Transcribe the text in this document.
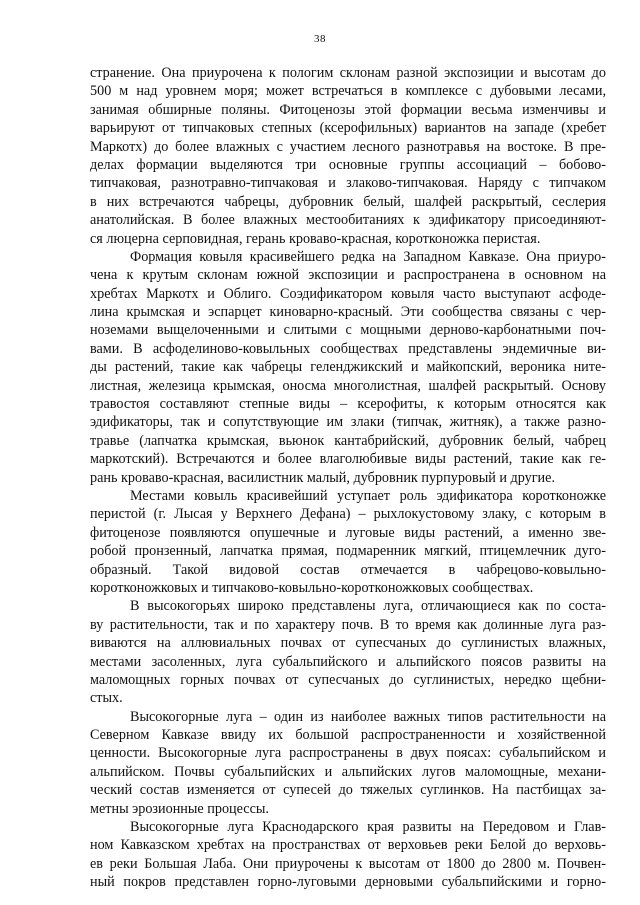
38

странение. Она приурочена к пологим склонам разной экспозиции и высотам до
500 м над уровнем моря; может встречаться в комплексе с дубовыми лесами,
занимая обширные поляны. Фитоценозы этой формации весьма изменчивы и
варьируют от типчаковых степных (ксерофильных) вариантов на западе (хребет
Маркотх) до более влажных с участием лесного разнотравья на востоке. В пре-
делах формации выделяются три основные группы ассоциаций – бобово-
типчаковая, разнотравно-типчаковая и злаково-типчаковая. Наряду с типчаком
в них встречаются чабрецы, дубровник белый, шалфей раскрытый, сеслерия
анатолийская. В более влажных местообитаниях к эдификатору присоединяют-
ся люцерна серповидная, герань кроваво-красная, коротконожка перистая.

Формация ковыля красивейшего редка на Западном Кавказе. Она приуро-
чена к крутым склонам южной экспозиции и распространена в основном на
хребтах Маркотх и Облиго. Соэдификатором ковыля часто выступают асфоде-
лина крымская и эспарцет киноварно-красный. Эти сообщества связаны с чер-
ноземами выщелоченными и слитыми с мощными дерново-карбонатными поч-
вами. В асфоделиново-ковыльных сообществах представлены эндемичные ви-
ды растений, такие как чабрецы геленджикский и майкопский, вероника ните-
листная, железица крымская, оносма многолистная, шалфей раскрытый. Основу
травостоя составляют степные виды – ксерофиты, к которым относятся как
эдификаторы, так и сопутствующие им злаки (типчак, житняк), а также разно-
травье (лапчатка крымская, вьюнок кантабрийский, дубровник белый, чабрец
маркотский). Встречаются и более влаголюбивые виды растений, такие как ге-
рань кроваво-красная, василистник малый, дубровник пурпуровый и другие.

Местами ковыль красивейший уступает роль эдификатора коротконожке
перистой (г. Лысая у Верхнего Дефана) – рыхлокустовому злаку, с которым в
фитоценозе появляются опушечные и луговые виды растений, а именно зве-
робой пронзенный, лапчатка прямая, подмаренник мягкий, птицемлечник дуго-
образный. Такой видовой состав отмечается в чабрецово-ковыльно-
коротконожковых и типчаково-ковыльно-коротконожковых сообществах.

В высокогорьях широко представлены луга, отличающиеся как по соста-
ву растительности, так и по характеру почв. В то время как долинные луга раз-
виваются на аллювиальных почвах от супесчаных до суглинистых влажных,
местами засоленных, луга субальпийского и альпийского поясов развиты на
маломощных горных почвах от супесчаных до суглинистых, нередко щебни-
стых.

Высокогорные луга – один из наиболее важных типов растительности на
Северном Кавказе ввиду их большой распространенности и хозяйственной
ценности. Высокогорные луга распространены в двух поясах: субальпийском и
альпийском. Почвы субальпийских и альпийских лугов маломощные, механи-
ческий состав изменяется от супесей до тяжелых суглинков. На пастбищах за-
метны эрозионные процессы.

Высокогорные луга Краснодарского края развиты на Передовом и Глав-
ном Кавказском хребтах на пространствах от верховьев реки Белой до верховь-
ев реки Большая Лаба. Они приурочены к высотам от 1800 до 2800 м. Почвен-
ный покров представлен горно-луговыми дерновыми субальпийскими и горно-
